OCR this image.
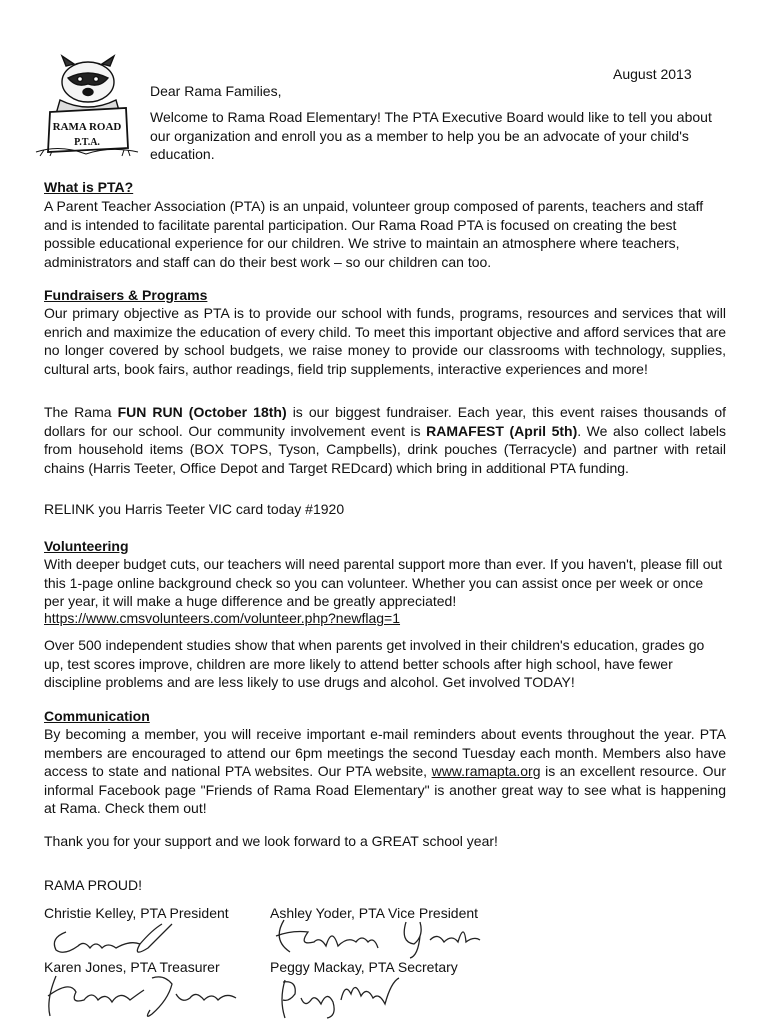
RAMA ROAD
P.T.A.
August 2013
Dear Rama Families,

Welcome to Rama Road Elementary! The PTA Executive Board would like to tell you about our organization and enroll you as a member to help you be an advocate of your child's education.

What is PTA?

A Parent Teacher Association (PTA) is an unpaid, volunteer group composed of parents, teachers and staff and is intended to facilitate parental participation. Our Rama Road PTA is focused on creating the best possible educational experience for our children. We strive to maintain an atmosphere where teachers, administrators and staff can do their best work – so our children can too.

Fundraisers & Programs

Our primary objective as PTA is to provide our school with funds, programs, resources and services that will enrich and maximize the education of every child. To meet this important objective and afford services that are no longer covered by school budgets, we raise money to provide our classrooms with technology, supplies, cultural arts, book fairs, author readings, field trip supplements, interactive experiences and more!

The Rama FUN RUN (October 18th) is our biggest fundraiser. Each year, this event raises thousands of dollars for our school. Our community involvement event is RAMAFEST (April 5th). We also collect labels from household items (BOX TOPS, Tyson, Campbells), drink pouches (Terracycle) and partner with retail chains (Harris Teeter, Office Depot and Target REDcard) which bring in additional PTA funding.

RELINK you Harris Teeter VIC card today #1920
Volunteering

With deeper budget cuts, our teachers will need parental support more than ever. If you haven't, please fill out this 1-page online background check so you can volunteer. Whether you can assist once per week or once per year, it will make a huge difference and be greatly appreciated!

https://www.cmsvolunteers.com/volunteer.php?newflag=1

Over 500 independent studies show that when parents get involved in their children's education, grades go up, test scores improve, children are more likely to attend better schools after high school, have fewer discipline problems and are less likely to use drugs and alcohol. Get involved TODAY!

Communication

By becoming a member, you will receive important e-mail reminders about events throughout the year. PTA members are encouraged to attend our 6pm meetings the second Tuesday each month. Members also have access to state and national PTA websites. Our PTA website, www.ramapta.org is an excellent resource. Our informal Facebook page "Friends of Rama Road Elementary" is another great way to see what is happening at Rama. Check them out!

Thank you for your support and we look forward to a GREAT school year!
RAMA PROUD!
Christie Kelley, PTA President	Ashley Yoder, PTA Vice President
Karen Jones, PTA Treasurer	Peggy Mackay, PTA Secretary
